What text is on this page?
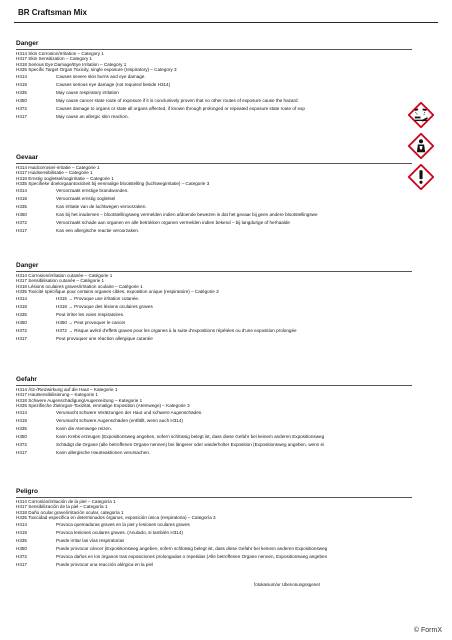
BR Craftsman Mix
Danger
H314 Skin Corrosion/Irritation – Category 1
H317 Skin Sensitization – Category 1
H318 Serious Eye Damage/Eye Irritation – Category 1
H335 Specific Target Organ Toxicity, single exposure (respiratory) – Category 3
H314	Causes severe skin burns and eye damage.
H318	Causes serious eye damage (not required beside H314)
H335	May cause respiratory irritation
H350	May cause cancer state route of exposure if it is conclusively proven that no other routes of exposure cause the hazard
H372	Causes damage to organs or state all organs affected, if known through prolonged or repeated exposure state route of exp
H317	May cause an allergic skin reaction.
Gevaar
H314 Huidcorrosie/-irritatie – Categorie 1
H317 Huidsensibilisatie – Categorie 1
H318 Ernstig oogletsel/oogirritatie – Categorie 1
H335 Specifieke doelorgaantoxiciteit bij eenmalige blootstelling (luchtwegirritatie) – Categorie 3
H314	Veroorzaakt ernstige brandwonden.
H318	Veroorzaakt ernstig oogletsel
H335	Kan irritatie van de luchtwegen veroorzaken.
H350	Kan bij het inademen – blootstellingsweg vermelden indien afdoende bewezen is dat het gevaar bij geen andere blootstellingswe
H372	Veroorzaakt schade aan organen en alle betrokken organen vermelden indien bekend – bij langdurige of herhaalde
H317	Kan een allergische reactie veroorzaken.
Danger
H314 Corrosion/irritation cutanée – Catégorie 1
H317 Sensibilisation cutanée – Catégorie 1
H318 Lésions oculaires graves/irritation oculaire – Catégorie 1
H335 Toxicité spécifique pour certains organes cibles, exposition unique (respiratoire) – Catégorie 3
H314	H315 → Provoque une irritation cutanée.
H318	H318 → Provoque des lésions oculaires graves
H335	Peut irriter les voies respiratoires.
H350	H350 → Peut provoquer le cancer
H372	H372 → Risque avéré d'effets graves pour les organes à la suite d'expositions répétées ou d'une exposition prolongée
H317	Peut provoquer une réaction allergique cutanée
Gefahr
H314 Ätz-/Reizwirkung auf die Haut – Kategorie 1
H317 Hautsensibilisierung – Kategorie 1
H318 Schwere Augenschädigung/Augenreizung – Kategorie 1
H335 Spezifische Zielorgan-Toxizität, einmalige Exposition (Atemwege) – Kategorie 3
H314	Verursacht schwere Verätzungen der Haut und schwere Augenschäden.
H318	Verursacht schwere Augenschäden (entfällt, wenn auch H314)
H335	Kann die Atemwege reizen.
H350	Kann Krebs erzeugen (Expositionsweg angeben, sofern schlüssig belegt ist, dass diese Gefahr bei keinem anderen Expositionsweg
H372	Schädigt die Organe (alle betroffenen Organe nennen) bei längerer oder wiederholter Exposition (Expositionsweg angeben, wenn ei
H317	Kann allergische Hautreaktionen verursachen.
Peligro
H314 Corrosión/irritación de la piel – Categoría 1
H317 Sensibilización de la piel – Categoría 1
H318 Daño ocular grave/irritación ocular, categoría 1
H335 Toxicidad específica en determinados órganos, exposición única (respiratoria) – Categoría 3
H314	Provoca quemaduras graves en la piel y lesiones oculares graves
H318	Provoca lesiones oculares graves. (Anulado, si también H314)
H335	Puede irritar las vías respiratorias
H350	Puede provocar cáncer (Expositionsweg angeben, sofern schlüssig belegt ist, dass diese Gefahr bei keinem anderen Expositionsweg
H372	Provoca daños en los órganos tras exposiciones prolongadas o repetidas (Alle betroffenen Organe nennen, Expositionsweg angeben
H317	Puede provocar una reacción alérgica en la piel
fotokanium/ur Ubenonungssgenet
© FormX
